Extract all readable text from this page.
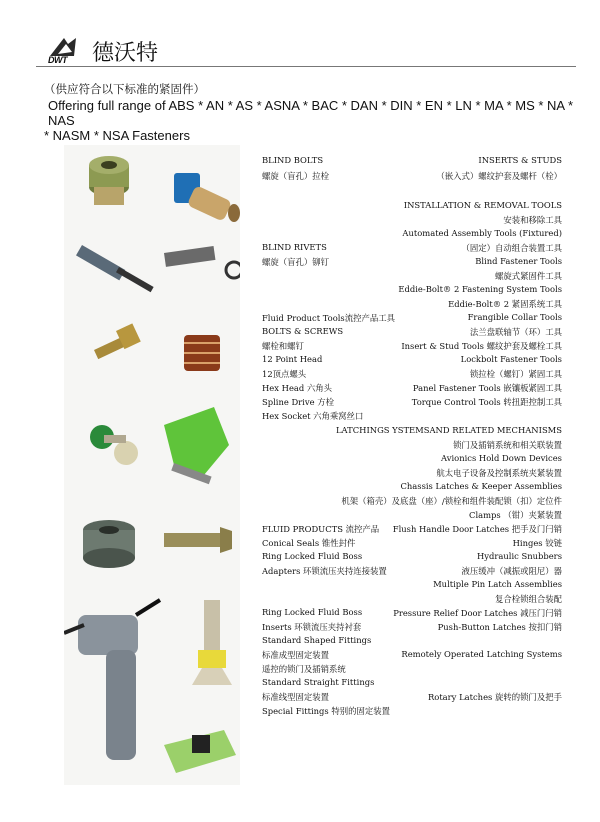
DWT 德沃特
（供应符合以下标准的紧固件）
Offering full range of ABS * AN * AS * ASNA * BAC * DAN * DIN * EN * LN * MA * MS * NA * NAS
* NASM * NSA Fasteners
BLIND BOLTS	INSERTS & STUDS
螺旋（盲孔）拉栓	（嵌入式）螺纹护套及螺杆（栓）
INSTALLATION & REMOVAL TOOLS
安装和移除工具
Automated Assembly Tools (Fixtured)
BLIND RIVETS	（固定）自动组合装置工具
螺旋（盲孔）铆钉	Blind Fastener Tools
螺旋式紧固件工具
Eddie-Bolt® 2 Fastening System Tools
Eddie-Bolt® 2 紧固系统工具
Fluid Product Tools流控产品工具	Frangible Collar Tools
BOLTS & SCREWS	法兰盘联轴节（环）工具
螺栓和螺钉	Insert & Stud Tools 螺纹护套及螺栓工具
12 Point Head	Lockbolt Fastener Tools
12顶点螺头	锁拉栓（螺钉）紧固工具
Hex Head 六角头	Panel Fastener Tools 嵌镶板紧固工具
Spline Drive 方栓	Torque Control Tools 转扭距控制工具
Hex Socket 六角乘窝丝口
LATCHINGS YSTEMSAND RELATED MECHANISMS
锁门及插销系统和相关联装置
Avionics Hold Down Devices
航太电子设备及控制系统夹紧装置
Chassis Latches & Keeper Assemblies
机架（箱壳）及底盘（座）/锁栓和组件装配锁（扣）定位件
Clamps （钳）夹紧装置
FLUID PRODUCTS 流控产品 Flush Handle Door Latches 把手及门闩销
Conical Seals 锥性封件	Hinges 铰链
Ring Locked Fluid Boss	Hydraulic Snubbers
Adapters 环锁流压夹持连接装置	液压缓冲（减振或阻尼）器
Multiple Pin Latch Assemblies
复合栓锁组合装配
Ring Locked Fluid Boss	Pressure Relief Door Latches 减压门闩销
Inserts 环锁流压夹持衬套	Push-Button Latches 按扣门销
Standard Shaped Fittings
标准成型固定装置	Remotely Operated Latching Systems
遥控的锁门及插销系统
Standard Straight Fittings
标准线型固定装置	Rotary Latches 旋转的锁门及把手
Special Fittings 特别的固定装置
